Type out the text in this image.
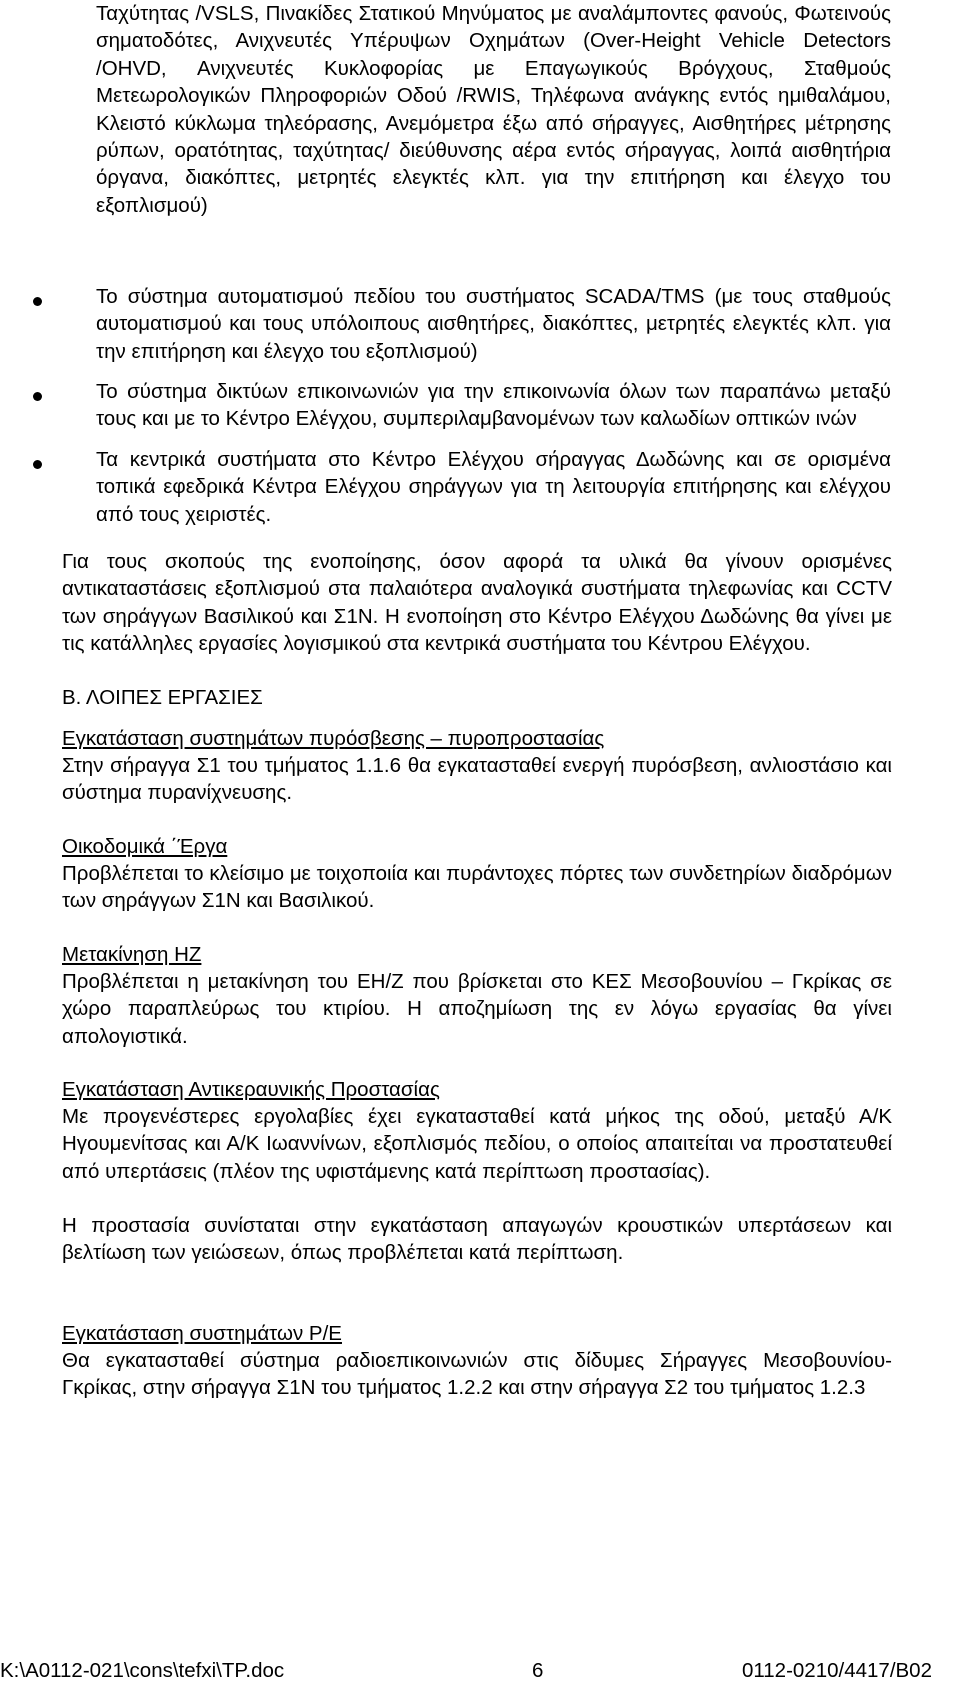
Ταχύτητας /VSLS, Πινακίδες Στατικού Μηνύματος με αναλάμποντες φανούς, Φωτεινούς σηματοδότες, Ανιχνευτές Υπέρυψων Οχημάτων (Over-Height Vehicle Detectors /OHVD, Ανιχνευτές Κυκλοφορίας με Επαγωγικούς Βρόγχους, Σταθμούς Μετεωρολογικών Πληροφοριών Οδού /RWIS, Τηλέφωνα ανάγκης εντός ημιθαλάμου, Κλειστό κύκλωμα τηλεόρασης, Ανεμόμετρα έξω από σήραγγες, Αισθητήρες μέτρησης ρύπων, ορατότητας, ταχύτητας/ διεύθυνσης αέρα εντός σήραγγας, λοιπά αισθητήρια όργανα, διακόπτες, μετρητές ελεγκτές κλπ. για την επιτήρηση και έλεγχο του εξοπλισμού)

Το σύστημα αυτοματισμού πεδίου του συστήματος SCADA/TMS (με τους σταθμούς αυτοματισμού και τους υπόλοιπους αισθητήρες, διακόπτες, μετρητές ελεγκτές κλπ. για την επιτήρηση και έλεγχο του εξοπλισμού)

Το σύστημα δικτύων επικοινωνιών για την επικοινωνία όλων των παραπάνω μεταξύ τους και με το Κέντρο Ελέγχου, συμπεριλαμβανομένων των καλωδίων οπτικών ινών

Τα κεντρικά συστήματα στο Κέντρο Ελέγχου σήραγγας Δωδώνης και σε ορισμένα τοπικά εφεδρικά Κέντρα Ελέγχου σηράγγων για τη λειτουργία επιτήρησης και ελέγχου από τους χειριστές.

Για τους σκοπούς της ενοποίησης, όσον αφορά τα υλικά θα γίνουν ορισμένες αντικαταστάσεις εξοπλισμού στα παλαιότερα αναλογικά συστήματα τηλεφωνίας και CCTV των σηράγγων Βασιλικού και Σ1Ν. Η ενοποίηση στο Κέντρο Ελέγχου Δωδώνης θα γίνει με τις κατάλληλες εργασίες λογισμικού στα κεντρικά συστήματα του Κέντρου Ελέγχου.

Β. ΛΟΙΠΕΣ ΕΡΓΑΣΙΕΣ

Εγκατάσταση συστημάτων πυρόσβεσης – πυροπροστασίας

Στην σήραγγα Σ1 του τμήματος 1.1.6 θα εγκατασταθεί ενεργή πυρόσβεση, ανλιοστάσιο και σύστημα πυρανίχνευσης.

Οικοδομικά ΄Έργα

Προβλέπεται το κλείσιμο με τοιχοποιία και πυράντοχες πόρτες των συνδετηρίων διαδρόμων των σηράγγων Σ1Ν και Βασιλικού.

Μετακίνηση ΗΖ

Προβλέπεται η μετακίνηση του ΕΗ/Ζ που βρίσκεται στο ΚΕΣ Μεσοβουνίου – Γκρίκας σε χώρο παραπλεύρως του κτιρίου. Η αποζημίωση της εν λόγω εργασίας θα γίνει απολογιστικά.

Εγκατάσταση Αντικεραυνικής Προστασίας

Με προγενέστερες εργολαβίες έχει εγκατασταθεί κατά μήκος της οδού, μεταξύ Α/Κ Ηγουμενίτσας και Α/Κ Ιωαννίνων, εξοπλισμός πεδίου, ο οποίος απαιτείται να προστατευθεί από υπερτάσεις (πλέον της υφιστάμενης κατά περίπτωση προστασίας).

Η προστασία συνίσταται στην εγκατάσταση απαγωγών κρουστικών υπερτάσεων και βελτίωση των γειώσεων, όπως προβλέπεται κατά περίπτωση.

Εγκατάσταση συστημάτων Ρ/Ε

Θα εγκατασταθεί σύστημα ραδιοεπικοινωνιών στις δίδυμες Σήραγγες Μεσοβουνίου-Γκρίκας, στην σήραγγα Σ1Ν του τμήματος 1.2.2 και στην σήραγγα Σ2 του τμήματος 1.2.3

K:\A0112-021\cons\tefxi\TP.doc	6	0112-0210/4417/B02
